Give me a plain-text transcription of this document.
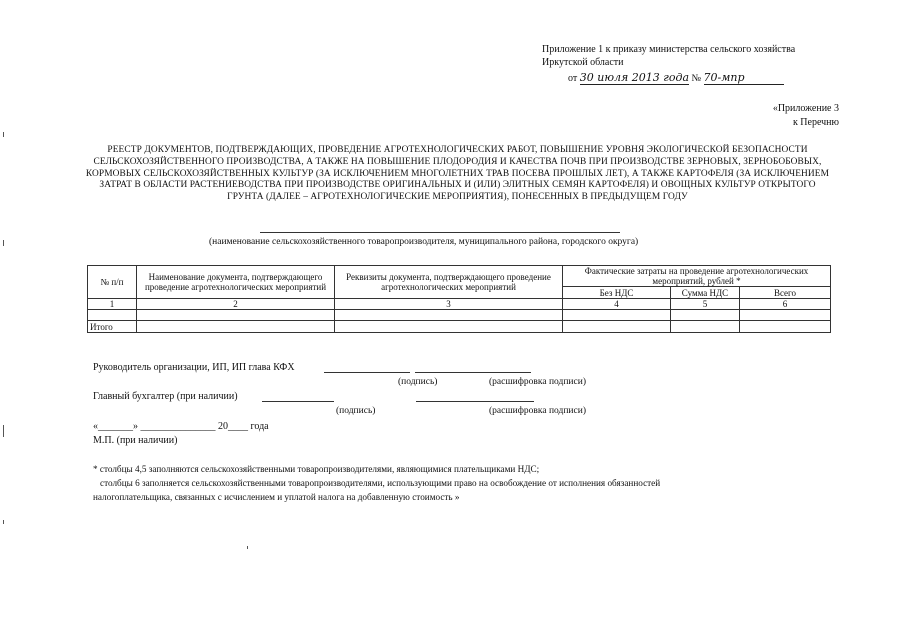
Приложение 1 к приказу министерства сельского хозяйства
Иркутской области
от 30 июля 2013 года № 70-мпр
«Приложение 3
к Перечню
РЕЕСТР ДОКУМЕНТОВ, ПОДТВЕРЖДАЮЩИХ, ПРОВЕДЕНИЕ АГРОТЕХНОЛОГИЧЕСКИХ РАБОТ, ПОВЫШЕНИЕ УРОВНЯ ЭКОЛОГИЧЕСКОЙ БЕЗОПАСНОСТИ СЕЛЬСКОХОЗЯЙСТВЕННОГО ПРОИЗВОДСТВА, А ТАКЖЕ НА ПОВЫШЕНИЕ ПЛОДОРОДИЯ И КАЧЕСТВА ПОЧВ ПРИ ПРОИЗВОДСТВЕ ЗЕРНОВЫХ, ЗЕРНОБОБОВЫХ, КОРМОВЫХ СЕЛЬСКОХОЗЯЙСТВЕННЫХ КУЛЬТУР (ЗА ИСКЛЮЧЕНИЕМ МНОГОЛЕТНИХ ТРАВ ПОСЕВА ПРОШЛЫХ ЛЕТ), А ТАКЖЕ КАРТОФЕЛЯ (ЗА ИСКЛЮЧЕНИЕМ ЗАТРАТ В ОБЛАСТИ РАСТЕНИЕВОДСТВА ПРИ ПРОИЗВОДСТВЕ ОРИГИНАЛЬНЫХ И (ИЛИ) ЭЛИТНЫХ СЕМЯН КАРТОФЕЛЯ) И ОВОЩНЫХ КУЛЬТУР ОТКРЫТОГО ГРУНТА (ДАЛЕЕ – АГРОТЕХНОЛОГИЧЕСКИЕ МЕРОПРИЯТИЯ), ПОНЕСЕННЫХ В ПРЕДЫДУЩЕМ ГОДУ
(наименование сельскохозяйственного товаропроизводителя, муниципального района, городского округа)
№ п/п	Наименование документа, подтверждающего проведение агротехнологических мероприятий	Реквизиты документа, подтверждающего проведение агротехнологических мероприятий	Фактические затраты на проведение агротехнологических мероприятий, рублей *		
			Без НДС	Сумма НДС	Всего
1	2	3	4	5	6

Итого					
Руководитель организации, ИП, ИП глава КФХ
(подпись)	(расшифровка подписи)
Главный бухгалтер (при наличии)
(подпись)	(расшифровка подписи)
«_______» _______________ 20____ года
М.П. (при наличии)
* столбцы 4,5 заполняются сельскохозяйственными товаропроизводителями, являющимися плательщиками НДС;
столбцы 6 заполняется сельскохозяйственными товаропроизводителями, использующими право на освобождение от исполнения обязанностей
налогоплательщика, связанных с исчислением и уплатой налога на добавленную стоимость »
